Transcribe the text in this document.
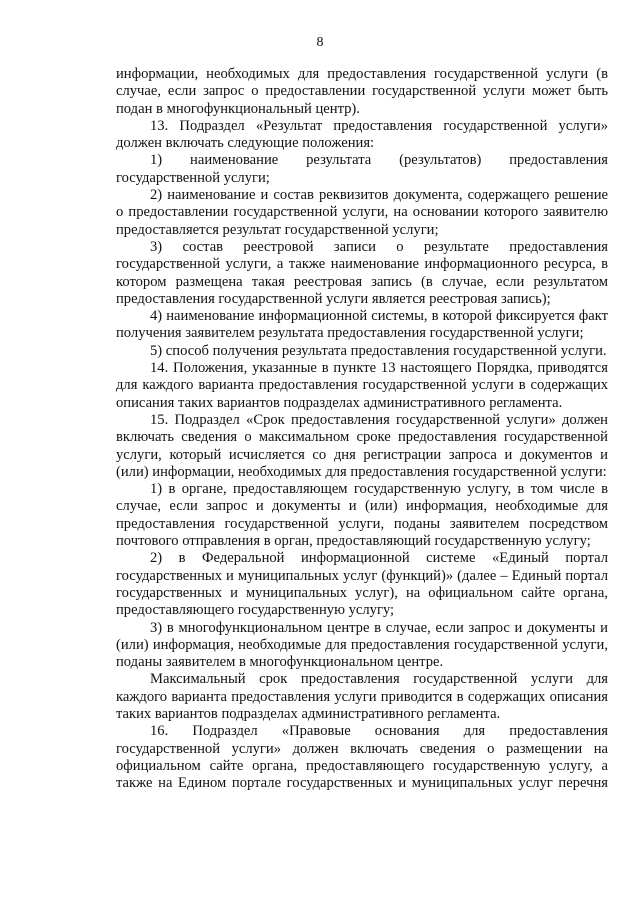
8

информации, необходимых для предоставления государственной услуги (в случае, если запрос о предоставлении государственной услуги может быть подан в многофункциональный центр).

13. Подраздел «Результат предоставления государственной услуги» должен включать следующие положения:

1) наименование результата (результатов) предоставления государственной услуги;

2) наименование и состав реквизитов документа, содержащего решение о предоставлении государственной услуги, на основании которого заявителю предоставляется результат государственной услуги;

3) состав реестровой записи о результате предоставления государственной услуги, а также наименование информационного ресурса, в котором размещена такая реестровая запись (в случае, если результатом предоставления государственной услуги является реестровая запись);

4) наименование информационной системы, в которой фиксируется факт получения заявителем результата предоставления государственной услуги;

5) способ получения результата предоставления государственной услуги.

14. Положения, указанные в пункте 13 настоящего Порядка, приводятся для каждого варианта предоставления государственной услуги в содержащих описания таких вариантов подразделах административного регламента.

15. Подраздел «Срок предоставления государственной услуги» должен включать сведения о максимальном сроке предоставления государственной услуги, который исчисляется со дня регистрации запроса и документов и (или) информации, необходимых для предоставления государственной услуги:

1) в органе, предоставляющем государственную услугу, в том числе в случае, если запрос и документы и (или) информация, необходимые для предоставления государственной услуги, поданы заявителем посредством почтового отправления в орган, предоставляющий государственную услугу;

2) в Федеральной информационной системе «Единый портал государственных и муниципальных услуг (функций)» (далее – Единый портал государственных и муниципальных услуг), на официальном сайте органа, предоставляющего государственную услугу;

3) в многофункциональном центре в случае, если запрос и документы и (или) информация, необходимые для предоставления государственной услуги, поданы заявителем в многофункциональном центре.

Максимальный срок предоставления государственной услуги для каждого варианта предоставления услуги приводится в содержащих описания таких вариантов подразделах административного регламента.

16. Подраздел «Правовые основания для предоставления государственной услуги» должен включать сведения о размещении на официальном сайте органа, предоставляющего государственную услугу, а также на Едином портале государственных и муниципальных услуг перечня
